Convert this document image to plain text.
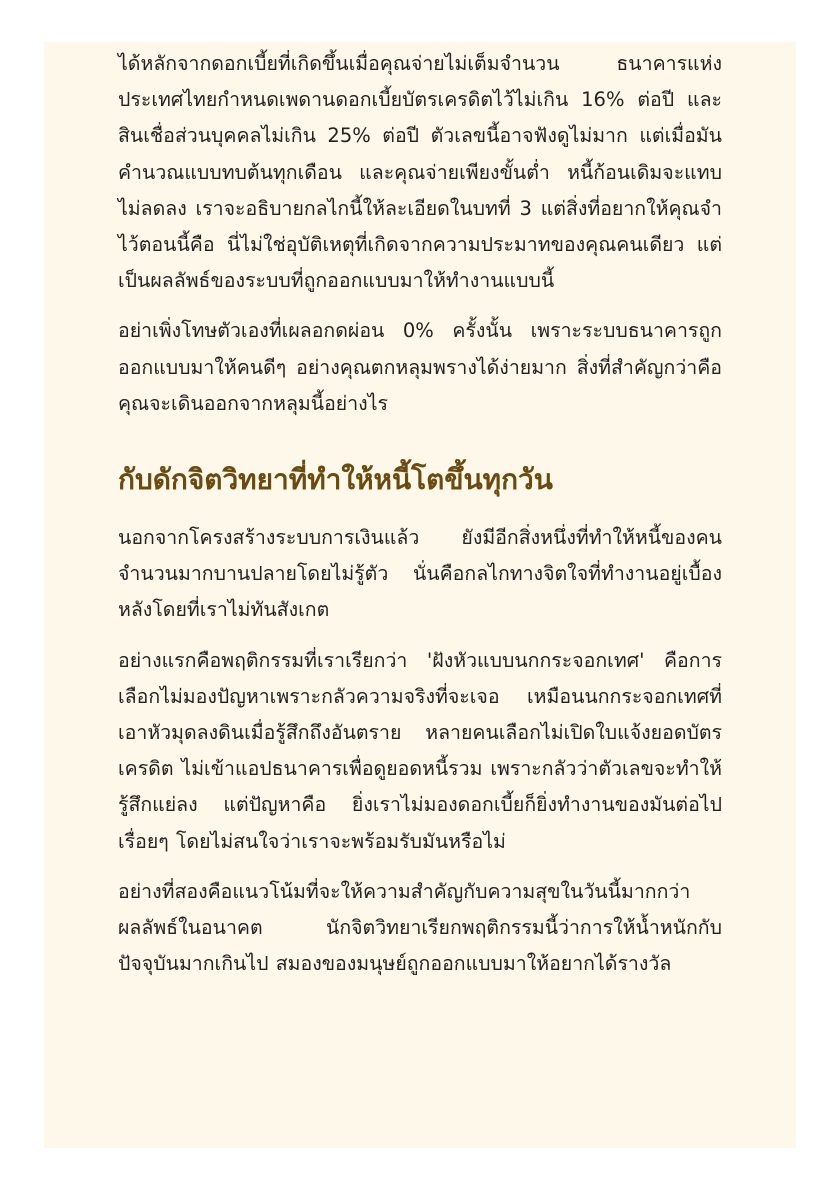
ได้หลักจากดอกเบี้ยที่เกิดขึ้นเมื่อคุณจ่ายไม่เต็มจำนวน ธนาคารแห่งประเทศไทยกำหนดเพดานดอกเบี้ยบัตรเครดิตไว้ไม่เกิน 16% ต่อปี และสินเชื่อส่วนบุคคลไม่เกิน 25% ต่อปี ตัวเลขนี้อาจฟังดูไม่มาก แต่เมื่อมันคำนวณแบบทบต้นทุกเดือน และคุณจ่ายเพียงขั้นต่ำ หนี้ก้อนเดิมจะแทบไม่ลดลง เราจะอธิบายกลไกนี้ให้ละเอียดในบทที่ 3 แต่สิ่งที่อยากให้คุณจำไว้ตอนนี้คือ นี่ไม่ใช่อุบัติเหตุที่เกิดจากความประมาทของคุณคนเดียว แต่เป็นผลลัพธ์ของระบบที่ถูกออกแบบมาให้ทำงานแบบนี้

อย่าเพิ่งโทษตัวเองที่เผลอกดผ่อน 0% ครั้งนั้น เพราะระบบธนาคารถูกออกแบบมาให้คนดีๆ อย่างคุณตกหลุมพรางได้ง่ายมาก สิ่งที่สำคัญกว่าคือคุณจะเดินออกจากหลุมนี้อย่างไร

กับดักจิตวิทยาที่ทำให้หนี้โตขึ้นทุกวัน

นอกจากโครงสร้างระบบการเงินแล้ว ยังมีอีกสิ่งหนึ่งที่ทำให้หนี้ของคนจำนวนมากบานปลายโดยไม่รู้ตัว นั่นคือกลไกทางจิตใจที่ทำงานอยู่เบื้องหลังโดยที่เราไม่ทันสังเกต

อย่างแรกคือพฤติกรรมที่เราเรียกว่า 'ฝังหัวแบบนกกระจอกเทศ' คือการเลือกไม่มองปัญหาเพราะกลัวความจริงที่จะเจอ เหมือนนกกระจอกเทศที่เอาหัวมุดลงดินเมื่อรู้สึกถึงอันตราย หลายคนเลือกไม่เปิดใบแจ้งยอดบัตรเครดิต ไม่เข้าแอปธนาคารเพื่อดูยอดหนี้รวม เพราะกลัวว่าตัวเลขจะทำให้รู้สึกแย่ลง แต่ปัญหาคือ ยิ่งเราไม่มองดอกเบี้ยก็ยิ่งทำงานของมันต่อไปเรื่อยๆ โดยไม่สนใจว่าเราจะพร้อมรับมันหรือไม่

อย่างที่สองคือแนวโน้มที่จะให้ความสำคัญกับความสุขในวันนี้มากกว่าผลลัพธ์ในอนาคต นักจิตวิทยาเรียกพฤติกรรมนี้ว่าการให้น้ำหนักกับปัจจุบันมากเกินไป สมองของมนุษย์ถูกออกแบบมาให้อยากได้รางวัล
